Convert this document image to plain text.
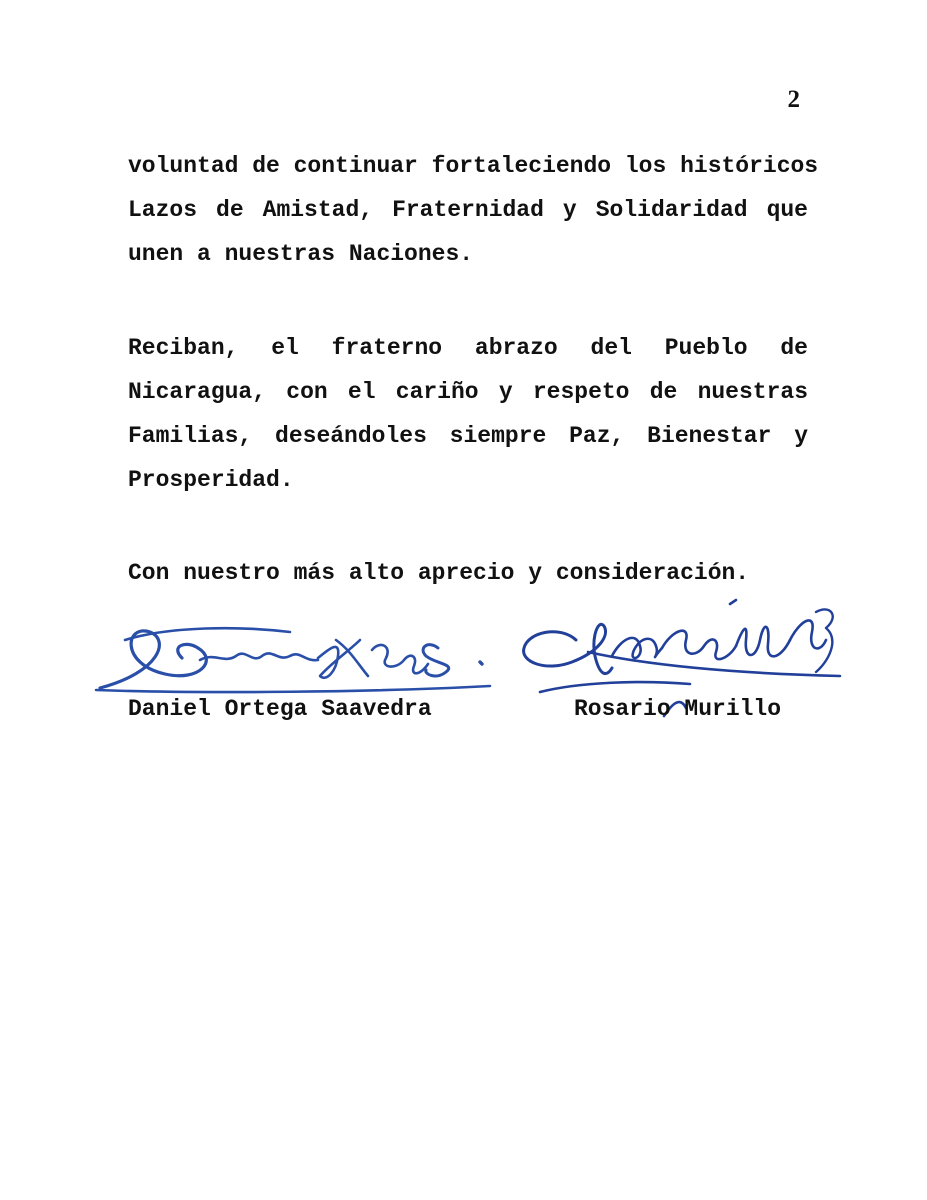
2
voluntad de continuar fortaleciendo los históricos
Lazos de Amistad, Fraternidad y Solidaridad que
unen a nuestras Naciones.
Reciban, el fraterno abrazo del Pueblo de
Nicaragua, con el cariño y respeto de nuestras
Familias, deseándoles siempre Paz, Bienestar y
Prosperidad.
Con nuestro más alto aprecio y consideración.
Daniel Ortega Saavedra	Rosario Murillo
